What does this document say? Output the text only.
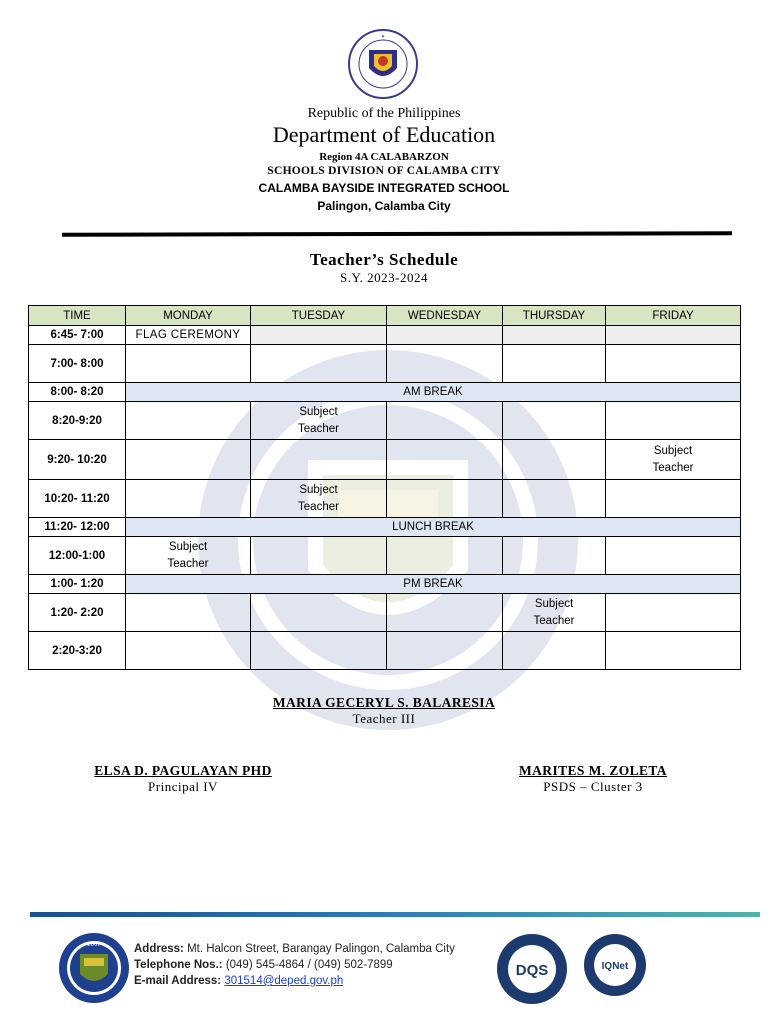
✦
Republic of the Philippines
Department of Education
Region 4A CALABARZON
SCHOOLS DIVISION OF CALAMBA CITY
CALAMBA BAYSIDE INTEGRATED SCHOOL
Palingon, Calamba City
Teacher’s Schedule
S.Y. 2023-2024
TIME	MONDAY	TUESDAY	WEDNESDAY	THURSDAY	FRIDAY
6:45- 7:00	FLAG CEREMONY				
7:00- 8:00					
8:00- 8:20	AM BREAK				
8:20-9:20		Subject
Teacher			
9:20- 10:20					Subject
Teacher
10:20- 11:20		Subject
Teacher			
11:20- 12:00	LUNCH BREAK				
12:00-1:00	Subject
Teacher				
1:00- 1:20	PM BREAK				
1:20- 2:20				Subject
Teacher	
2:20-3:20					
MARIA GECERYL S. BALARESIA
Teacher III
ELSA D. PAGULAYAN PHD
Principal IV
MARITES M. ZOLETA
PSDS – Cluster 3
2007	Address: Mt. Halcon Street, Barangay Palingon, Calamba City
Telephone Nos.: (049) 545-4864 / (049) 502-7899
E-mail Address: 301514@deped.gov.ph
DQS	IQNet
